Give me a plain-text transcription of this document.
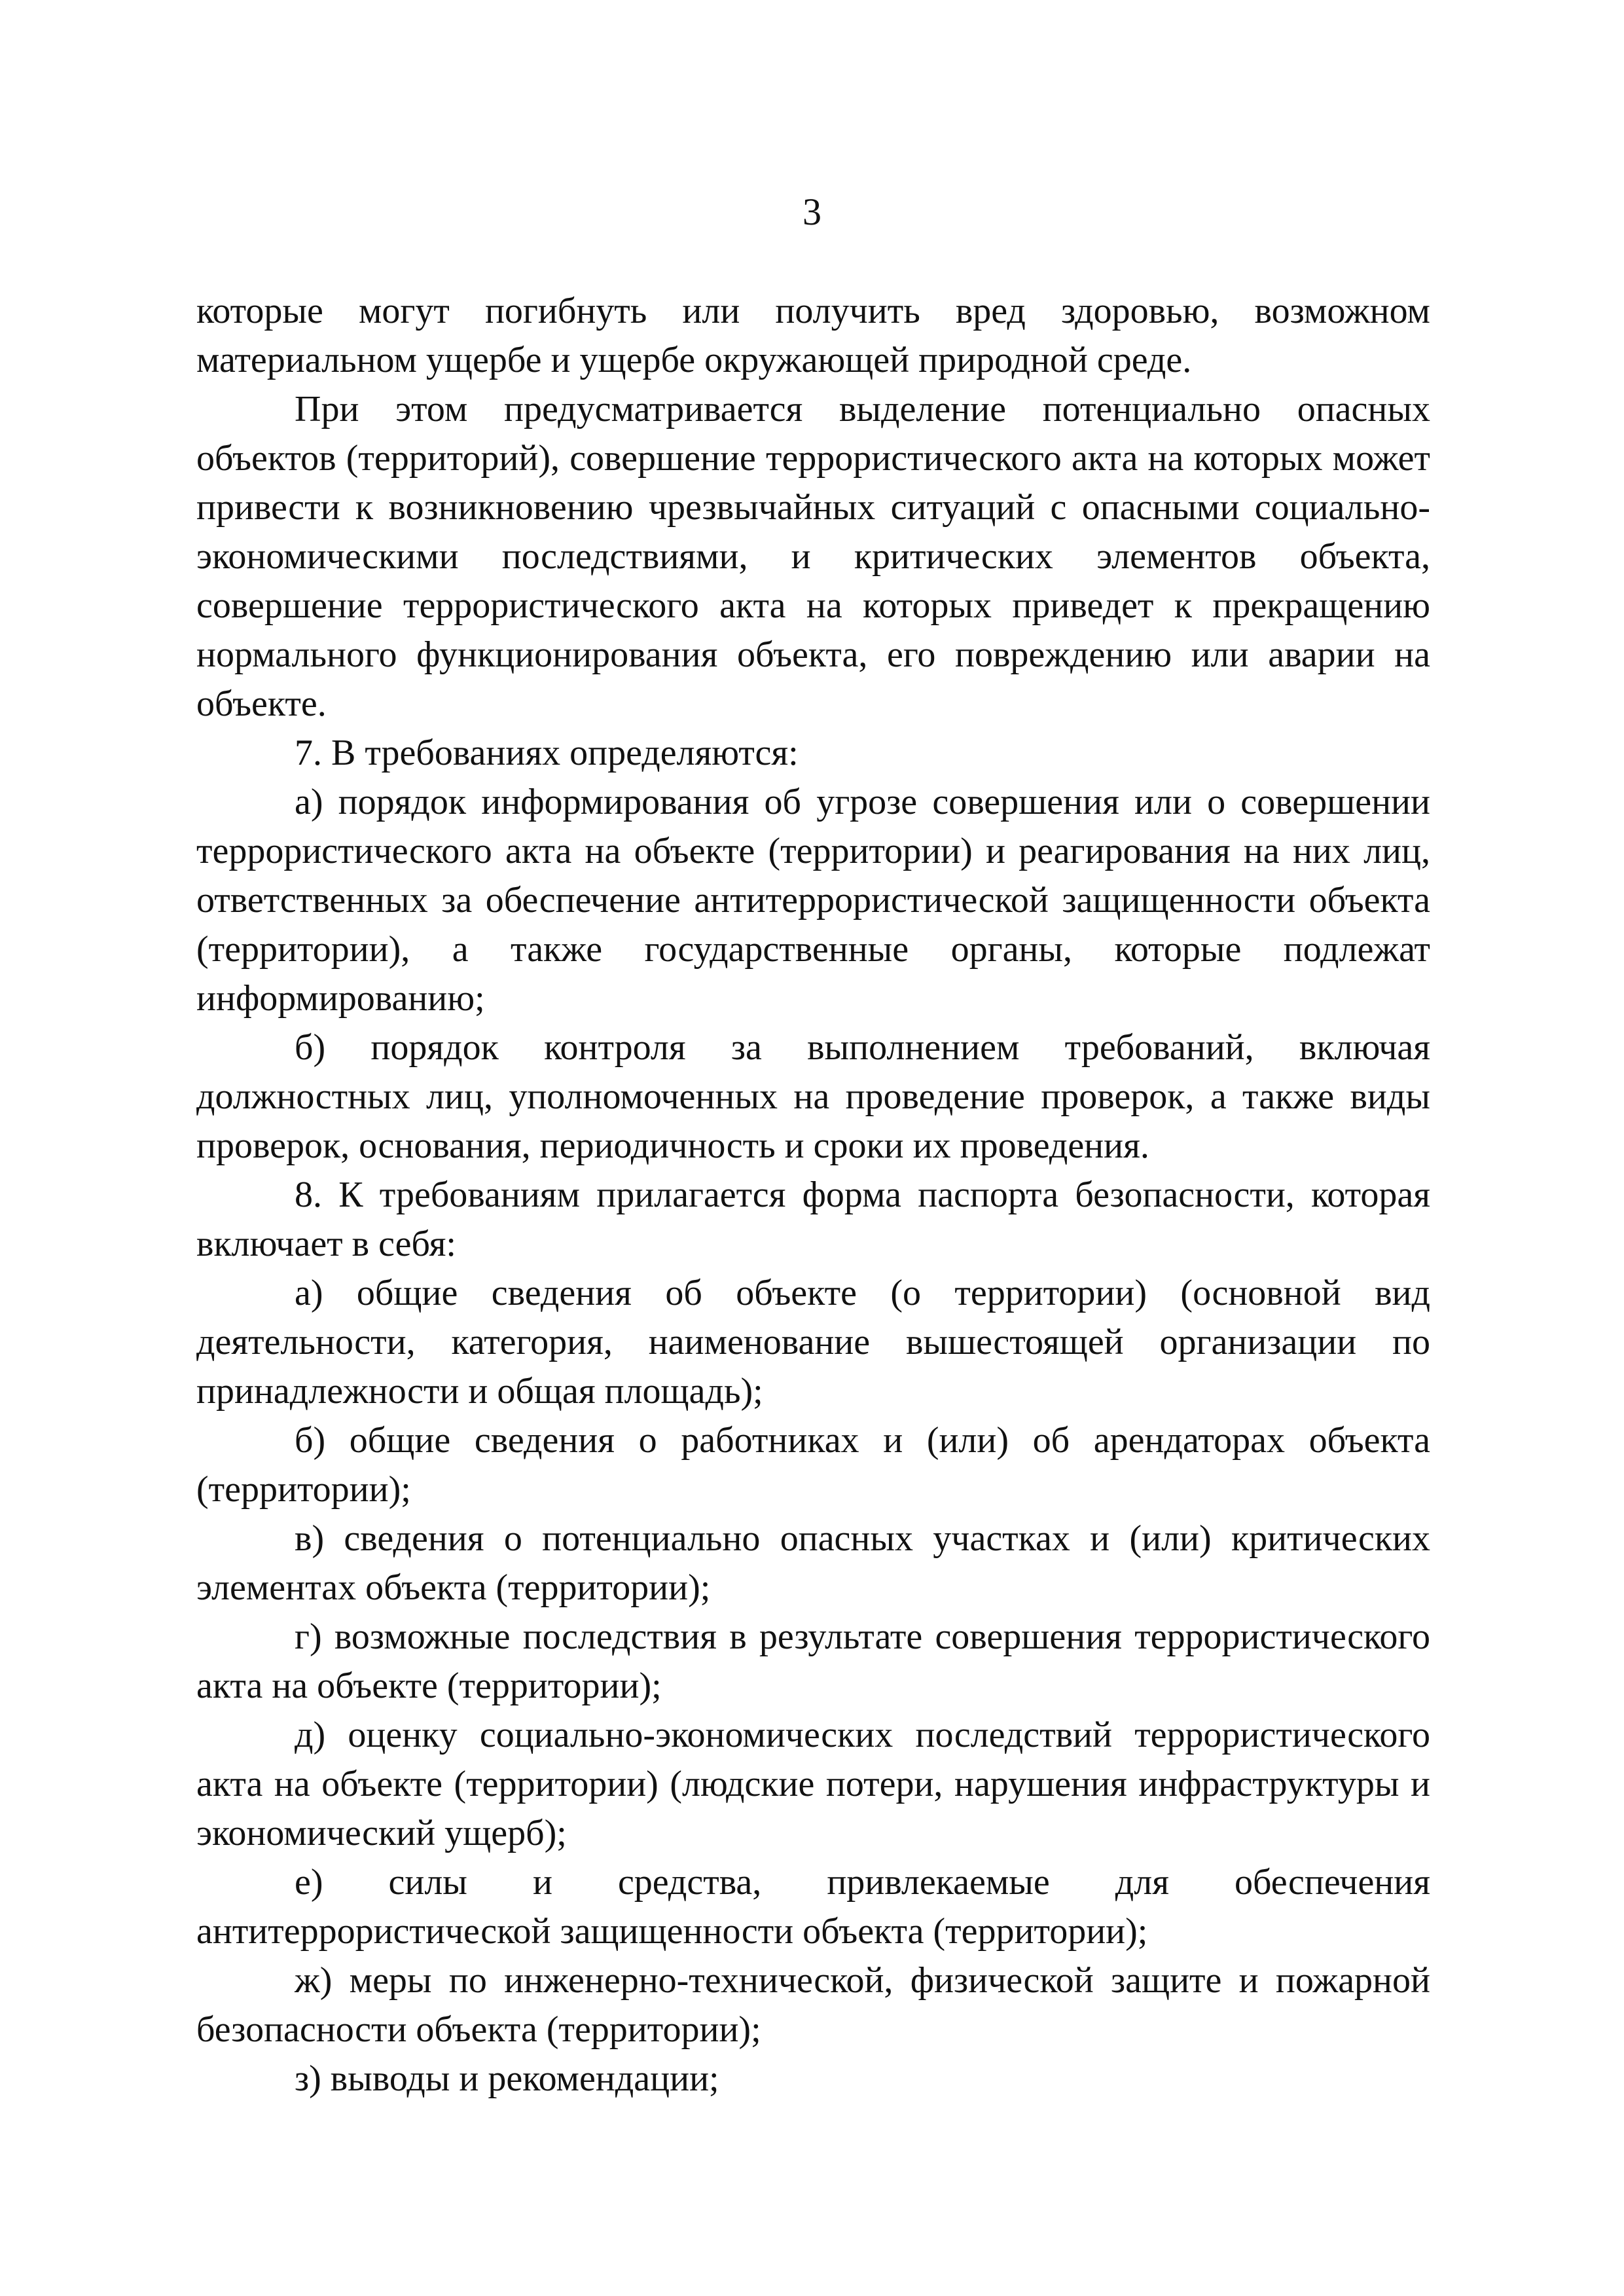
3

которые могут погибнуть или получить вред здоровью, возможном материальном ущербе и ущербе окружающей природной среде.

При этом предусматривается выделение потенциально опасных объектов (территорий), совершение террористического акта на которых может привести к возникновению чрезвычайных ситуаций с опасными социально-экономическими последствиями, и критических элементов объекта, совершение террористического акта на которых приведет к прекращению нормального функционирования объекта, его повреждению или аварии на объекте.

7. В требованиях определяются:

а) порядок информирования об угрозе совершения или о совершении террористического акта на объекте (территории) и реагирования на них лиц, ответственных за обеспечение антитеррористической защищенности объекта (территории), а также государственные органы, которые подлежат информированию;

б) порядок контроля за выполнением требований, включая должностных лиц, уполномоченных на проведение проверок, а также виды проверок, основания, периодичность и сроки их проведения.

8. К требованиям прилагается форма паспорта безопасности, которая включает в себя:

а) общие сведения об объекте (о территории) (основной вид деятельности, категория, наименование вышестоящей организации по принадлежности и общая площадь);

б) общие сведения о работниках и (или) об арендаторах объекта (территории);

в) сведения о потенциально опасных участках и (или) критических элементах объекта (территории);

г) возможные последствия в результате совершения террористического акта на объекте (территории);

д) оценку социально-экономических последствий террористического акта на объекте (территории) (людские потери, нарушения инфраструктуры и экономический ущерб);

е) силы и средства, привлекаемые для обеспечения антитеррористической защищенности объекта (территории);

ж) меры по инженерно-технической, физической защите и пожарной безопасности объекта (территории);

з) выводы и рекомендации;
